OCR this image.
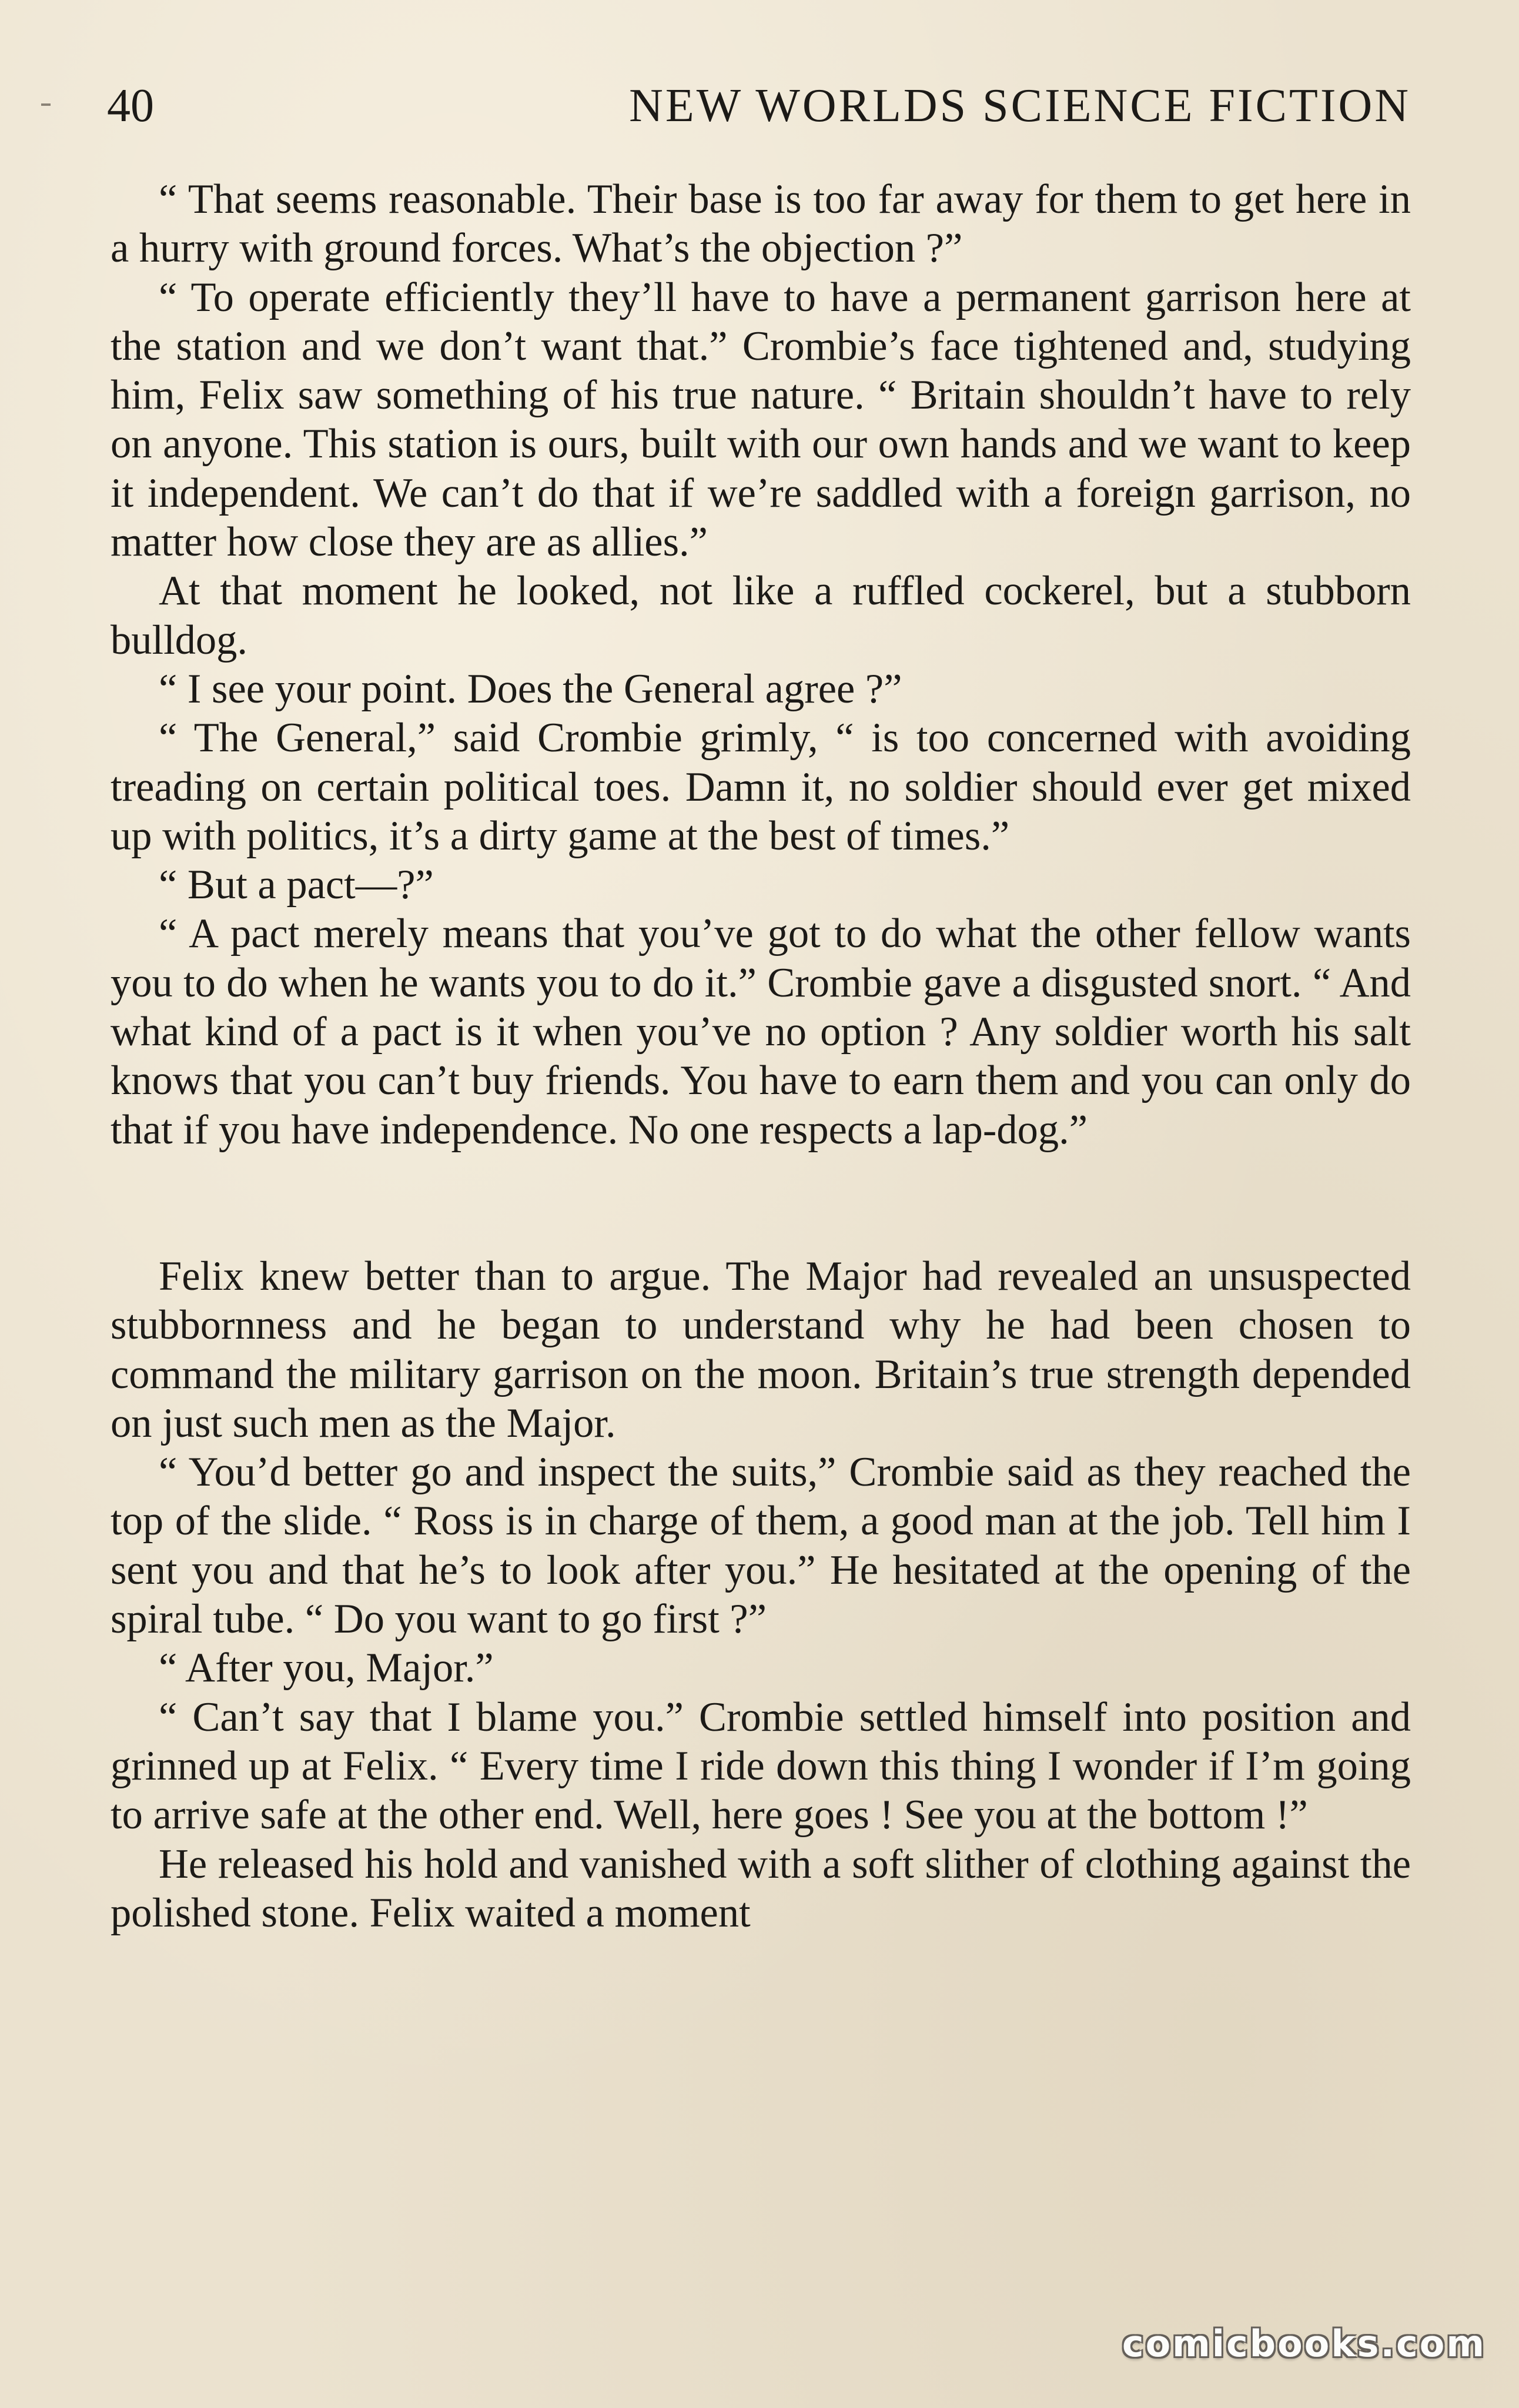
40	NEW WORLDS SCIENCE FICTION

“ That seems reasonable. Their base is too far away for them to get here in a hurry with ground forces. What’s the objection ?”

“ To operate efficiently they’ll have to have a permanent garrison here at the station and we don’t want that.” Crombie’s face tightened and, studying him, Felix saw something of his true nature. “ Britain shouldn’t have to rely on anyone. This station is ours, built with our own hands and we want to keep it independent. We can’t do that if we’re saddled with a foreign garrison, no matter how close they are as allies.”

At that moment he looked, not like a ruffled cockerel, but a stubborn bulldog.

“ I see your point. Does the General agree ?”

“ The General,” said Crombie grimly, “ is too concerned with avoiding treading on certain political toes. Damn it, no soldier should ever get mixed up with politics, it’s a dirty game at the best of times.”

“ But a pact—?”

“ A pact merely means that you’ve got to do what the other fellow wants you to do when he wants you to do it.” Crombie gave a disgusted snort. “ And what kind of a pact is it when you’ve no option ? Any soldier worth his salt knows that you can’t buy friends. You have to earn them and you can only do that if you have independence. No one respects a lap-dog.”

Felix knew better than to argue. The Major had revealed an unsuspected stubbornness and he began to understand why he had been chosen to command the military garrison on the moon. Britain’s true strength depended on just such men as the Major.

“ You’d better go and inspect the suits,” Crombie said as they reached the top of the slide. “ Ross is in charge of them, a good man at the job. Tell him I sent you and that he’s to look after you.” He hesitated at the opening of the spiral tube. “ Do you want to go first ?”

“ After you, Major.”

“ Can’t say that I blame you.” Crombie settled himself into position and grinned up at Felix. “ Every time I ride down this thing I wonder if I’m going to arrive safe at the other end. Well, here goes ! See you at the bottom !”

He released his hold and vanished with a soft slither of clothing against the polished stone. Felix waited a moment

comicbooks.com
